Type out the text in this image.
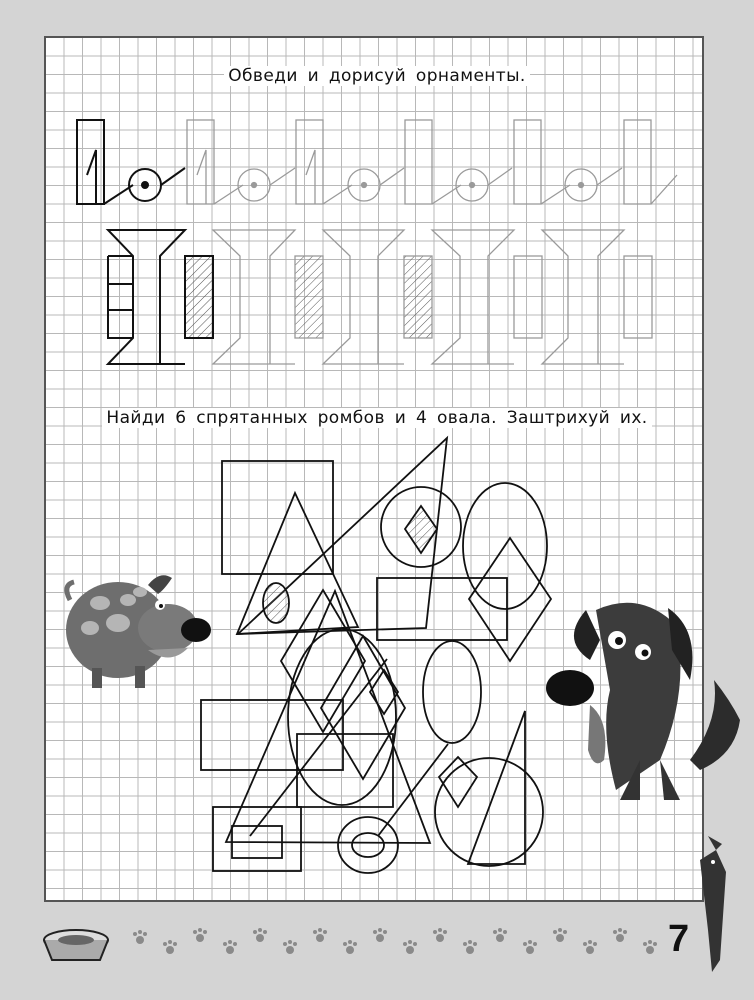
Обведи и дорисуй орнаменты.
Найди 6 спрятанных ромбов и 4 овала. Заштрихуй их.
7
